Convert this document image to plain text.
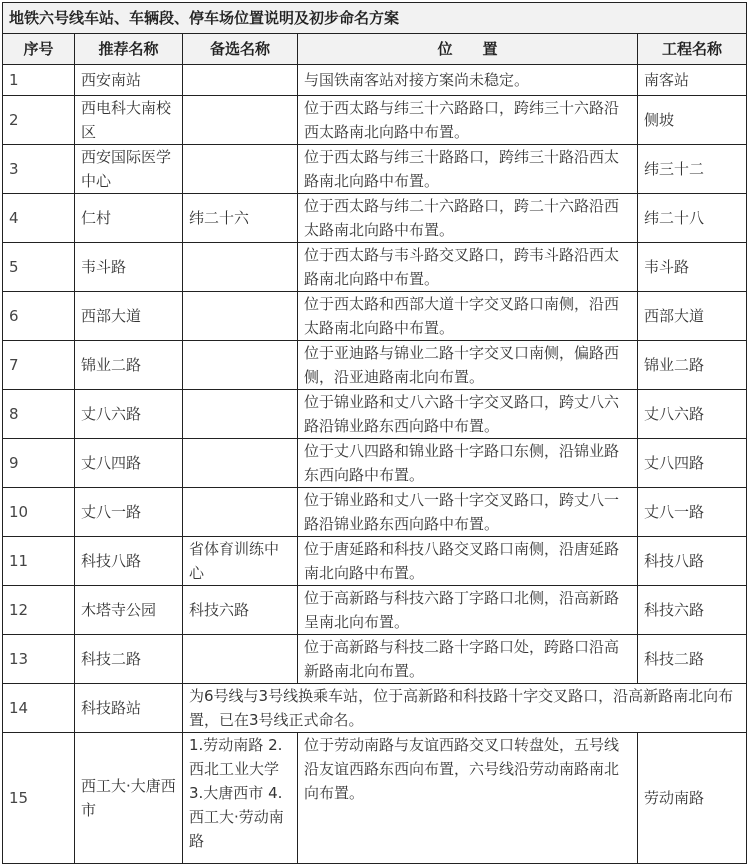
地铁六号线车站、车辆段、停车场位置说明及初步命名方案				
序号	推荐名称	备选名称	位 置	工程名称
1	西安南站		与国铁南客站对接方案尚未稳定。	南客站
2	西电科大南校区		位于西太路与纬三十六路路口，跨纬三十六路沿西太路南北向路中布置。	侧坡
3	西安国际医学中心		位于西太路与纬三十路路口，跨纬三十路沿西太路南北向路中布置。	纬三十二
4	仁村	纬二十六	位于西太路与纬二十六路路口，跨二十六路沿西太路南北向路中布置。	纬二十八
5	韦斗路		位于西太路与韦斗路交叉路口，跨韦斗路沿西太路南北向路中布置。	韦斗路
6	西部大道		位于西太路和西部大道十字交叉路口南侧，沿西太路南北向路中布置。	西部大道
7	锦业二路		位于亚迪路与锦业二路十字交叉口南侧，偏路西侧，沿亚迪路南北向布置。	锦业二路
8	丈八六路		位于锦业路和丈八六路十字交叉路口，跨丈八六路沿锦业路东西向路中布置。	丈八六路
9	丈八四路		位于丈八四路和锦业路十字路口东侧，沿锦业路东西向路中布置。	丈八四路
10	丈八一路		位于锦业路和丈八一路十字交叉路口，跨丈八一路沿锦业路东西向路中布置。	丈八一路
11	科技八路	省体育训练中心	位于唐延路和科技八路交叉路口南侧，沿唐延路南北向路中布置。	科技八路
12	木塔寺公园	科技六路	位于高新路与科技六路丁字路口北侧，沿高新路呈南北向布置。	科技六路
13	科技二路		位于高新路与科技二路十字路口处，跨路口沿高新路南北向布置。	科技二路
14	科技路站	为6号线与3号线换乘车站，位于高新路和科技路十字交叉路口，沿高新路南北向布置，已在3号线正式命名。		
15	西工大·大唐西市	1.劳动南路 2.西北工业大学3.大唐西市 4.西工大·劳动南路	位于劳动南路与友谊西路交叉口转盘处，五号线沿友谊西路东西向布置，六号线沿劳动南路南北向布置。	劳动南路
